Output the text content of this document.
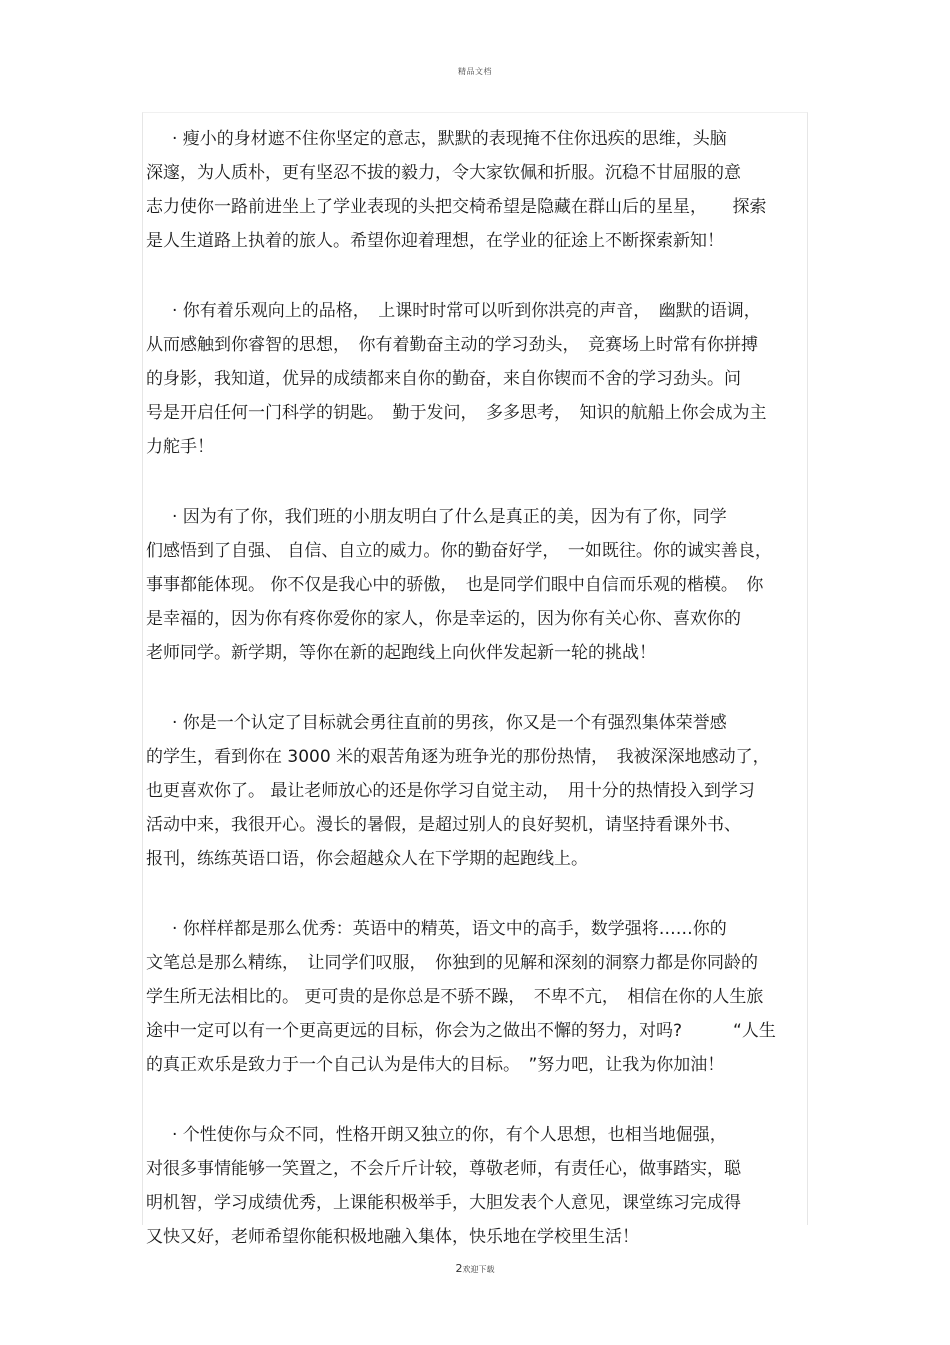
精品文档
· 瘦小的身材遮不住你坚定的意志，默默的表现掩不住你迅疾的思维，头脑
深邃，为人质朴，更有坚忍不拔的毅力，令大家钦佩和折服。沉稳不甘屈服的意
志力使你一路前进坐上了学业表现的头把交椅希望是隐藏在群山后的星星，　　探索
是人生道路上执着的旅人。希望你迎着理想，在学业的征途上不断探索新知！
· 你有着乐观向上的品格，　上课时时常可以听到你洪亮的声音，　幽默的语调，
从而感触到你睿智的思想，　你有着勤奋主动的学习劲头，　竞赛场上时常有你拼搏
的身影，我知道，优异的成绩都来自你的勤奋，来自你锲而不舍的学习劲头。问
号是开启任何一门科学的钥匙。　勤于发问，　多多思考，　知识的航船上你会成为主
力舵手！
· 因为有了你，我们班的小朋友明白了什么是真正的美，因为有了你，同学
们感悟到了自强、 自信、自立的威力。你的勤奋好学，　一如既往。你的诚实善良，
事事都能体现。 你不仅是我心中的骄傲，　也是同学们眼中自信而乐观的楷模。　你
是幸福的，因为你有疼你爱你的家人，你是幸运的，因为你有关心你、喜欢你的
老师同学。新学期，等你在新的起跑线上向伙伴发起新一轮的挑战！
· 你是一个认定了目标就会勇往直前的男孩，你又是一个有强烈集体荣誉感
的学生，看到你在 3000 米的艰苦角逐为班争光的那份热情，　我被深深地感动了，
也更喜欢你了。 最让老师放心的还是你学习自觉主动，　用十分的热情投入到学习
活动中来，我很开心。漫长的暑假，是超过别人的良好契机，请坚持看课外书、
报刊，练练英语口语，你会超越众人在下学期的起跑线上。
· 你样样都是那么优秀：英语中的精英，语文中的高手，数学强将……你的
文笔总是那么精练，　让同学们叹服，　你独到的见解和深刻的洞察力都是你同龄的
学生所无法相比的。 更可贵的是你总是不骄不躁，　不卑不亢，　相信在你的人生旅
途中一定可以有一个更高更远的目标，你会为之做出不懈的努力，对吗?　　　“人生
的真正欢乐是致力于一个自己认为是伟大的目标。　”努力吧，让我为你加油！
· 个性使你与众不同，性格开朗又独立的你，有个人思想，也相当地倔强，
对很多事情能够一笑置之，不会斤斤计较，尊敬老师，有责任心，做事踏实，聪
明机智，学习成绩优秀，上课能积极举手，大胆发表个人意见，课堂练习完成得
又快又好，老师希望你能积极地融入集体，快乐地在学校里生活！
2欢迎下载
